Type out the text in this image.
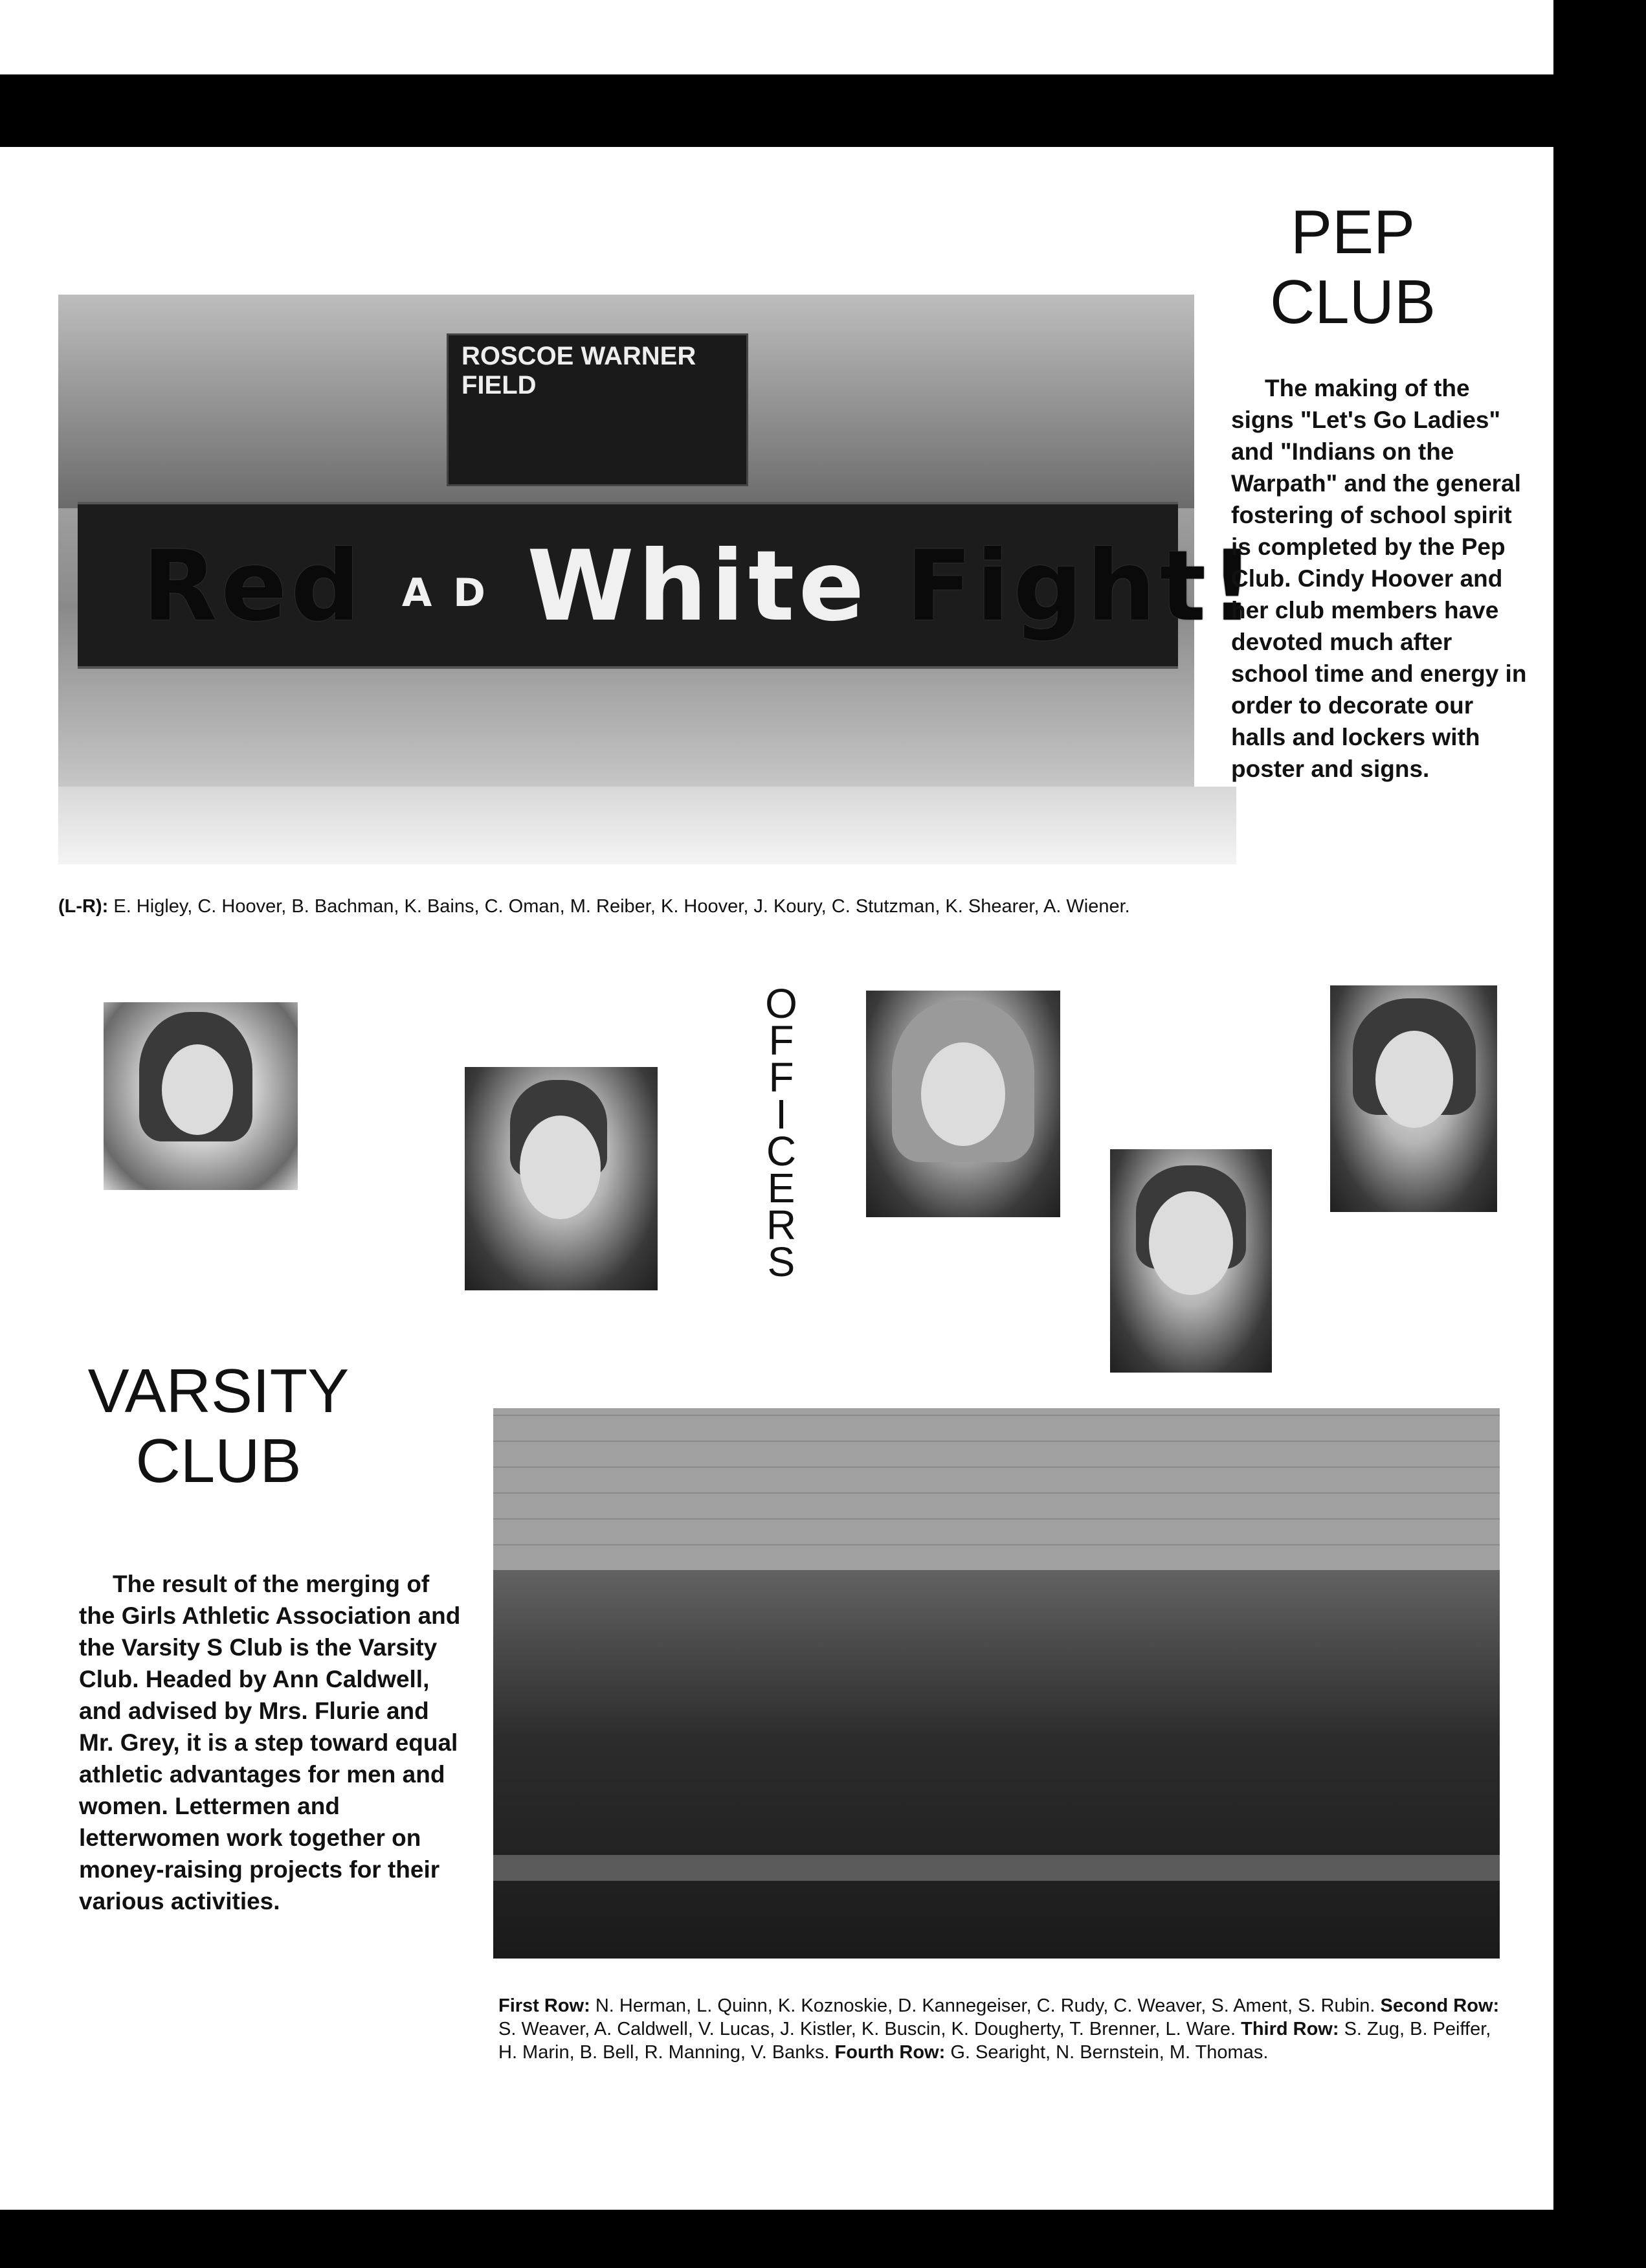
ROSCOE WARNER FIELD
Red A D White Fight!
PEP
CLUB
The making of the signs "Let's Go Ladies" and "Indians on the Warpath" and the general fostering of school spirit is completed by the Pep Club. Cindy Hoover and her club members have devoted much after school time and energy in order to decorate our halls and lockers with poster and signs.
(L-R): E. Higley, C. Hoover, B. Bachman, K. Bains, C. Oman, M. Reiber, K. Hoover, J. Koury, C. Stutzman, K. Shearer, A. Wiener.
O
F
F
I
C
E
R
S
VARSITY
CLUB
The result of the merging of the Girls Athletic Association and the Varsity S Club is the Varsity Club. Headed by Ann Caldwell, and advised by Mrs. Flurie and Mr. Grey, it is a step toward equal athletic advantages for men and women. Lettermen and letterwomen work together on money-raising projects for their various activities.
First Row: N. Herman, L. Quinn, K. Koznoskie, D. Kannegeiser, C. Rudy, C. Weaver, S. Ament, S. Rubin. Second Row: S. Weaver, A. Caldwell, V. Lucas, J. Kistler, K. Buscin, K. Dougherty, T. Brenner, L. Ware. Third Row: S. Zug, B. Peiffer, H. Marin, B. Bell, R. Manning, V. Banks. Fourth Row: G. Searight, N. Bernstein, M. Thomas.
